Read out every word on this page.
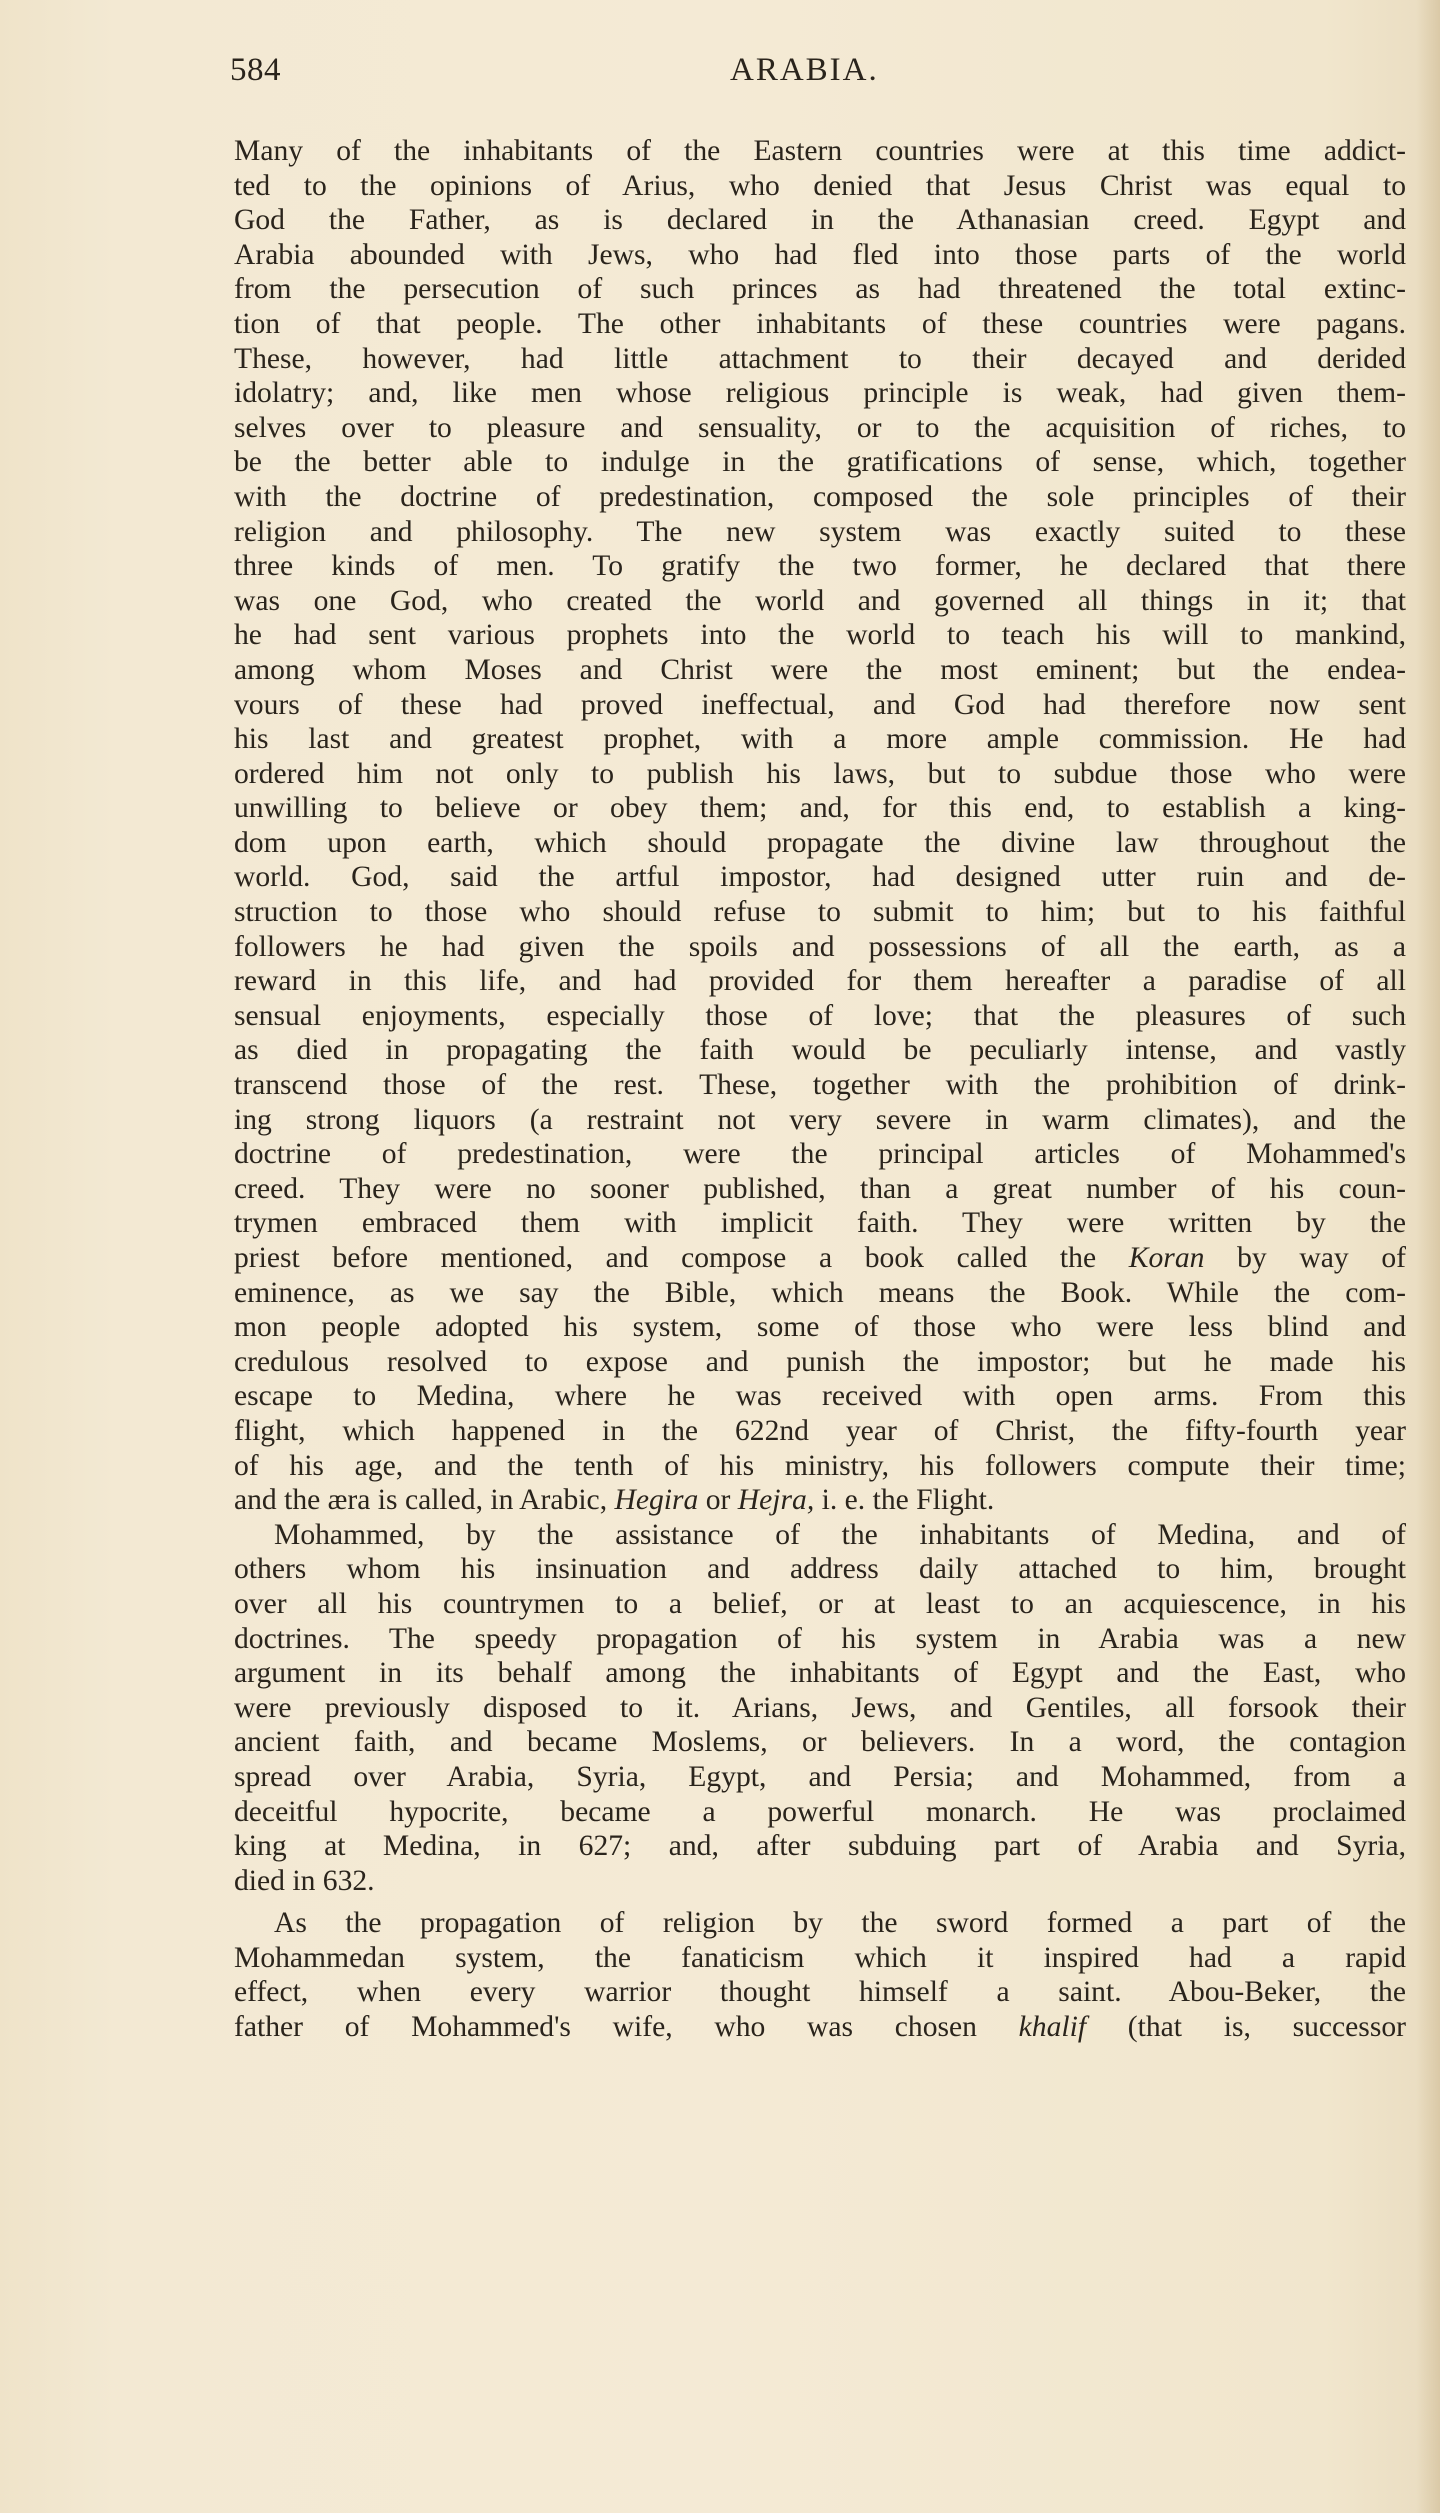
584	ARABIA.
Many of the inhabitants of the Eastern countries were at this time addict-
ted to the opinions of Arius, who denied that Jesus Christ was equal to
God the Father, as is declared in the Athanasian creed. Egypt and
Arabia abounded with Jews, who had fled into those parts of the world
from the persecution of such princes as had threatened the total extinc-
tion of that people. The other inhabitants of these countries were pagans.
These, however, had little attachment to their decayed and derided
idolatry; and, like men whose religious principle is weak, had given them-
selves over to pleasure and sensuality, or to the acquisition of riches, to
be the better able to indulge in the gratifications of sense, which, together
with the doctrine of predestination, composed the sole principles of their
religion and philosophy. The new system was exactly suited to these
three kinds of men. To gratify the two former, he declared that there
was one God, who created the world and governed all things in it; that
he had sent various prophets into the world to teach his will to mankind,
among whom Moses and Christ were the most eminent; but the endea-
vours of these had proved ineffectual, and God had therefore now sent
his last and greatest prophet, with a more ample commission. He had
ordered him not only to publish his laws, but to subdue those who were
unwilling to believe or obey them; and, for this end, to establish a king-
dom upon earth, which should propagate the divine law throughout the
world. God, said the artful impostor, had designed utter ruin and de-
struction to those who should refuse to submit to him; but to his faithful
followers he had given the spoils and possessions of all the earth, as a
reward in this life, and had provided for them hereafter a paradise of all
sensual enjoyments, especially those of love; that the pleasures of such
as died in propagating the faith would be peculiarly intense, and vastly
transcend those of the rest. These, together with the prohibition of drink-
ing strong liquors (a restraint not very severe in warm climates), and the
doctrine of predestination, were the principal articles of Mohammed's
creed. They were no sooner published, than a great number of his coun-
trymen embraced them with implicit faith. They were written by the
priest before mentioned, and compose a book called the Koran by way of
eminence, as we say the Bible, which means the Book. While the com-
mon people adopted his system, some of those who were less blind and
credulous resolved to expose and punish the impostor; but he made his
escape to Medina, where he was received with open arms. From this
flight, which happened in the 622nd year of Christ, the fifty-fourth year
of his age, and the tenth of his ministry, his followers compute their time;
and the æra is called, in Arabic, Hegira or Hejra, i. e. the Flight.
Mohammed, by the assistance of the inhabitants of Medina, and of
others whom his insinuation and address daily attached to him, brought
over all his countrymen to a belief, or at least to an acquiescence, in his
doctrines. The speedy propagation of his system in Arabia was a new
argument in its behalf among the inhabitants of Egypt and the East, who
were previously disposed to it. Arians, Jews, and Gentiles, all forsook their
ancient faith, and became Moslems, or believers. In a word, the contagion
spread over Arabia, Syria, Egypt, and Persia; and Mohammed, from a
deceitful hypocrite, became a powerful monarch. He was proclaimed
king at Medina, in 627; and, after subduing part of Arabia and Syria,
died in 632.
As the propagation of religion by the sword formed a part of the
Mohammedan system, the fanaticism which it inspired had a rapid
effect, when every warrior thought himself a saint. Abou-Beker, the
father of Mohammed's wife, who was chosen khalif (that is, successor
